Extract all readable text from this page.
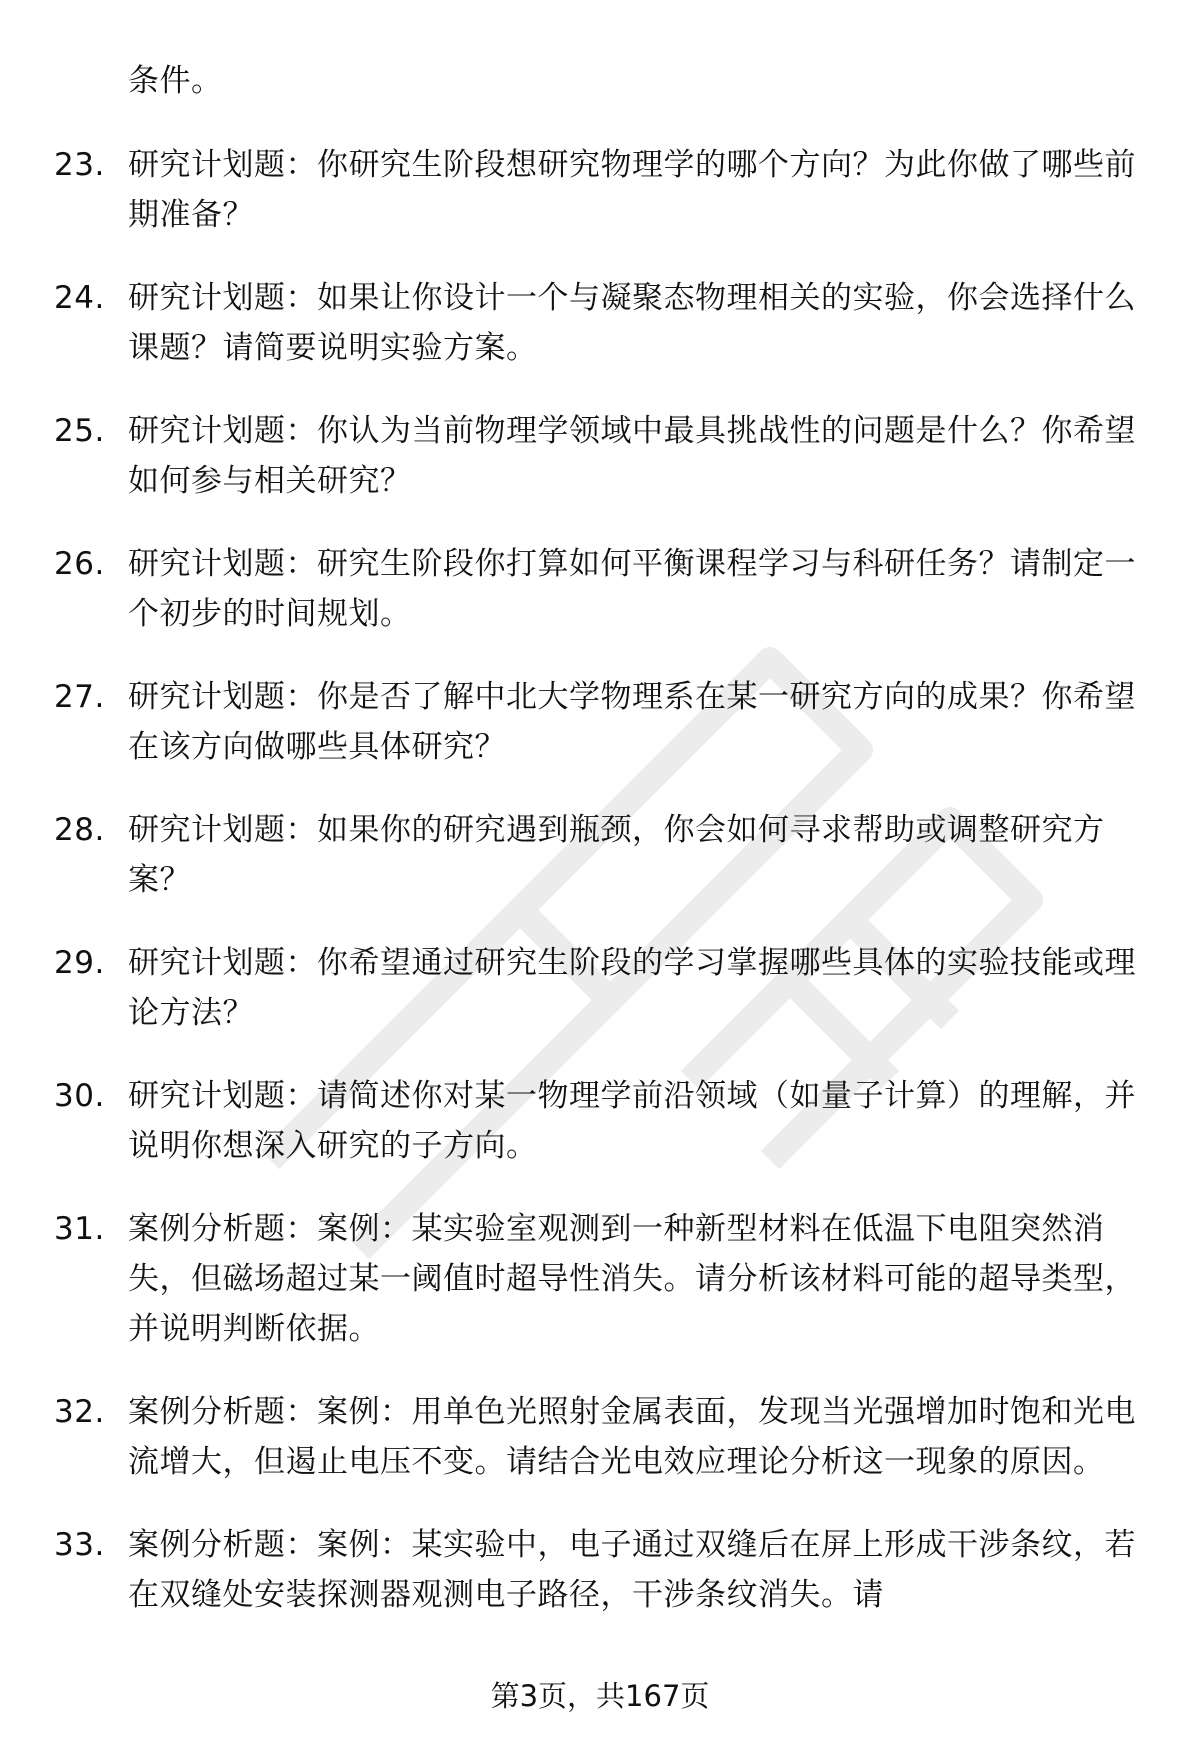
条件。
23. 研究计划题：你研究生阶段想研究物理学的哪个方向？为此你做了哪些前期准备？
24. 研究计划题：如果让你设计一个与凝聚态物理相关的实验，你会选择什么课题？请简要说明实验方案。
25. 研究计划题：你认为当前物理学领域中最具挑战性的问题是什么？你希望如何参与相关研究？
26. 研究计划题：研究生阶段你打算如何平衡课程学习与科研任务？请制定一个初步的时间规划。
27. 研究计划题：你是否了解中北大学物理系在某一研究方向的成果？你希望在该方向做哪些具体研究？
28. 研究计划题：如果你的研究遇到瓶颈，你会如何寻求帮助或调整研究方案？
29. 研究计划题：你希望通过研究生阶段的学习掌握哪些具体的实验技能或理论方法？
30. 研究计划题：请简述你对某一物理学前沿领域（如量子计算）的理解，并说明你想深入研究的子方向。
31. 案例分析题：案例：某实验室观测到一种新型材料在低温下电阻突然消失，但磁场超过某一阈值时超导性消失。请分析该材料可能的超导类型，并说明判断依据。
32. 案例分析题：案例：用单色光照射金属表面，发现当光强增加时饱和光电流增大，但遏止电压不变。请结合光电效应理论分析这一现象的原因。
33. 案例分析题：案例：某实验中，电子通过双缝后在屏上形成干涉条纹，若在双缝处安装探测器观测电子路径，干涉条纹消失。请
第3页，共167页
